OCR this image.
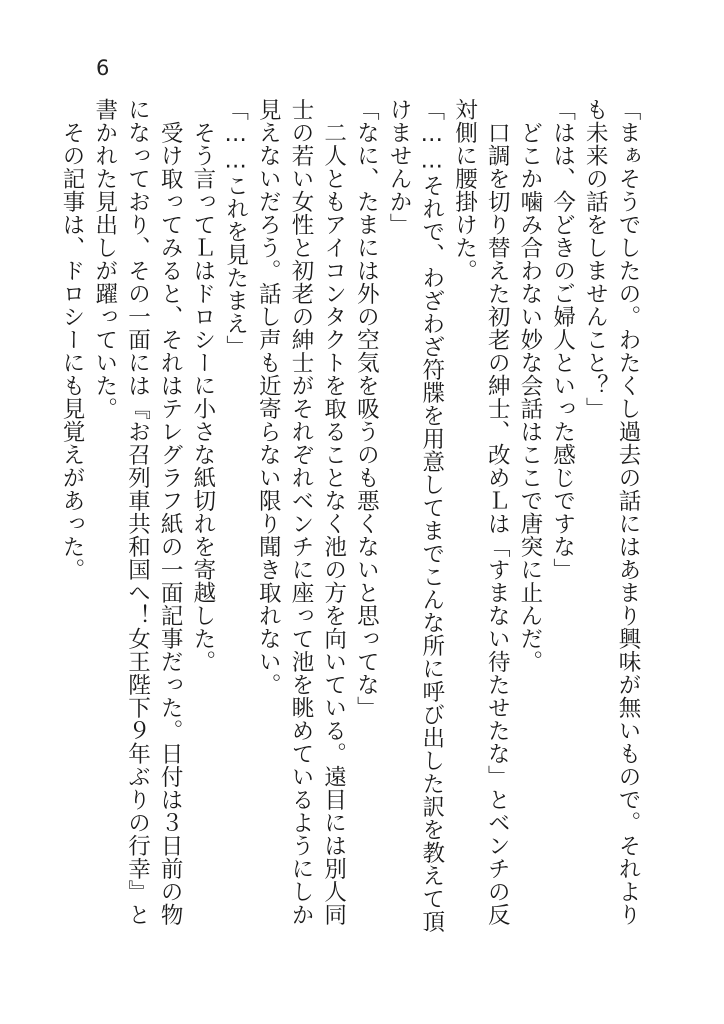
6

「まぁそうでしたの。わたくし過去の話にはあまり興味が無いもので。それよりも未来の話をしませんこと？」

「はは、今どきのご婦人といった感じですな」

どこか噛み合わない妙な会話はここで唐突に止んだ。

口調を切り替えた初老の紳士、改めＬは「すまない待たせたな」とベンチの反対側に腰掛けた。

「……それで、わざわざ符牒を用意してまでこんな所に呼び出した訳を教えて頂けませんか」

「なに、たまには外の空気を吸うのも悪くないと思ってな」

二人ともアイコンタクトを取ることなく池の方を向いている。遠目には別人同士の若い女性と初老の紳士がそれぞれベンチに座って池を眺めているようにしか見えないだろう。話し声も近寄らない限り聞き取れない。

「……これを見たまえ」

そう言ってＬはドロシーに小さな紙切れを寄越した。

受け取ってみると、それはテレグラフ紙の一面記事だった。日付は３日前の物になっており、その一面には『お召列車共和国へ！女王陛下９年ぶりの行幸』と書かれた見出しが躍っていた。

その記事は、ドロシーにも見覚えがあった。
